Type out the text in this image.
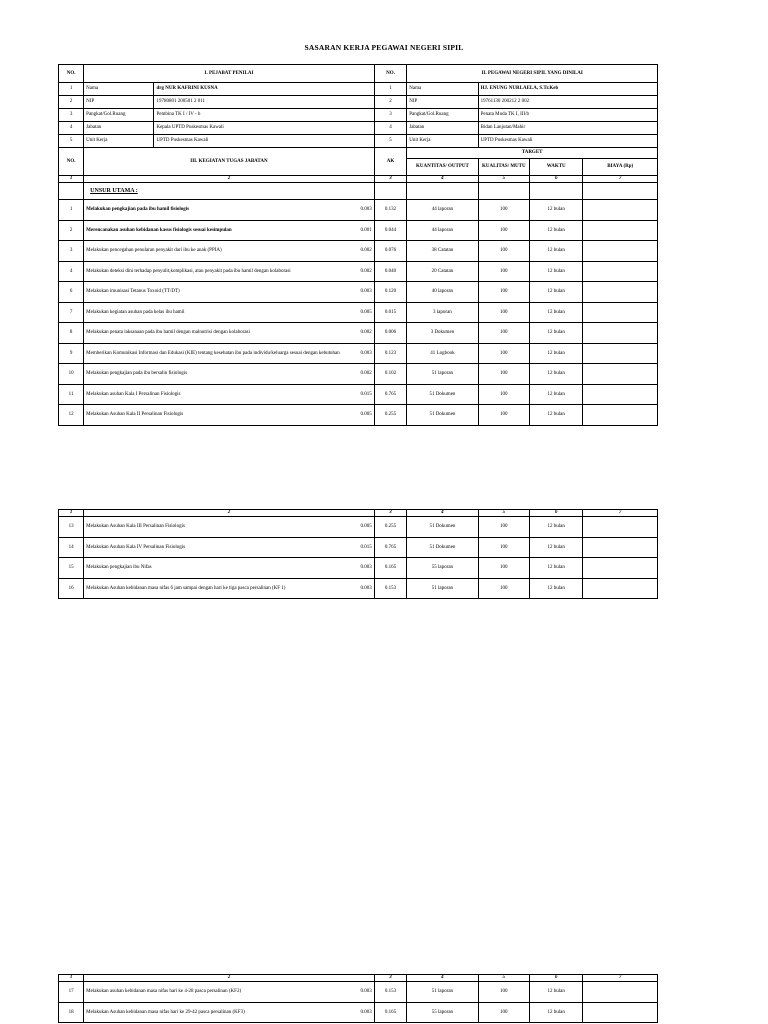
SASARAN KERJA PEGAWAI NEGERI SIPIL
NO.	I. PEJABAT PENILAI		NO.	II. PEGAWAI NEGERI SIPIL YANG DINILAI			
1	Nama	drg NUR KAFRINI KUSNA	1	Nama	HJ. ENUNG NURLAELA, S.Tr.Keb		
2	NIP	19780801 200501 2 011	2	NIP	19761130 200212 2 002		
3	Pangkat/Gol.Ruang	Pembina TK I / IV - b	3	Pangkat/Gol.Ruang	Penata Muda TK I, III/b		
4	Jabatan	Kepala UPTD Puskesmas Kawali	4	Jabatan	Bidan Lanjutan/Mahir		
5	Unit Kerja	UPTD Puskesmas Kawali	5	Unit Kerja	UPTD Puskesmas Kawali		
NO.	III. KEGIATAN TUGAS JABATAN		AK	TARGET			
				KUANTITAS/ OUTPUT	KUALITAS/ MUTU	WAKTU	BIAYA (Rp)
1	2		3	4	5	6	7
	UNSUR UTAMA :						
1	Melakukan pengkajian pada ibu hamil fisiologis 0.003		0.132	44 laporan	100	12 bulan	
2	Merencanakan asuhan kebidanan kasus fisiologis sesuai kesimpulan 0.001		0.044	44 laporan	100	12 bulan	
3	Melakukan pencegahan penularan penyakit dari ibu ke anak (PPIA) 0.002		0.076	38 Catatan	100	12 bulan	
4	Melakukan deteksi dini terhadap penyulit,komplikasi, atau penyakit pada ibu hamil dengan kolaborasi 0.002		0.040	20 Catatan	100	12 bulan	
6	Melakukan imunisasi Tetanus Toxoid (TT/DT) 0.003		0.120	40 laporan	100	12 bulan	
7	Melakukan kegiatan asuhan pada kelas ibu hamil 0.005		0.015	3 laporan	100	12 bulan	
8	Melakukan penata laksanaan pada ibu hamil dengan malnutrisi dengan kolaborasi 0.002		0.006	3 Dokumen	100	12 bulan	
9	Memberikan Komunikasi Informasi dan Edukasi (KIE) tentang kesehatan ibu pada individu/keluarga sesuai dengan kebutuhan 0.003		0.123	41 Logbook	100	12 bulan	
10	Melakukan pengkajian pada ibu bersalin fisiologis 0.002		0.102	51 laporan	100	12 bulan	
11	Melakukan asuhan Kala I Persalinan Fisiologis 0.015		0.765	51 Dokumen	100	12 bulan	
12	Melakukan Asuhan Kala II Persalinan Fisiologis 0.005		0.255	51 Dokumen	100	12 bulan	
1	2	3	4	5	6	7
13	Melakukan Asuhan Kala III Persalinan Fisiologis 0.005	0.255	51 Dokumen	100	12 bulan	
14	Melakukan Asuhan Kala IV Persalinan Fisiologis 0.015	0.765	51 Dokumen	100	12 bulan	
15	Melakukan pengkajian ibu Nifas 0.003	0.165	55 laporan	100	12 bulan	
16	Melakukan Asuhan kebidanan masa nifas 6 jam sampai dengan hari ke tiga pasca persalinan (KF 1) 0.003	0.153	51 laporan	100	12 bulan	
1	2	3	4	5	6	7
17	Melakukan asuhan kebidanan masa nifas hari ke 4-28 pasca persalinan (KF2) 0.003	0.153	51 laporan	100	12 bulan	
18	Melakukan Asuhan kebidanan masa nifas hari ke 29-42 pasca persalinan (KF3) 0.003	0.165	55 laporan	100	12 bulan	
